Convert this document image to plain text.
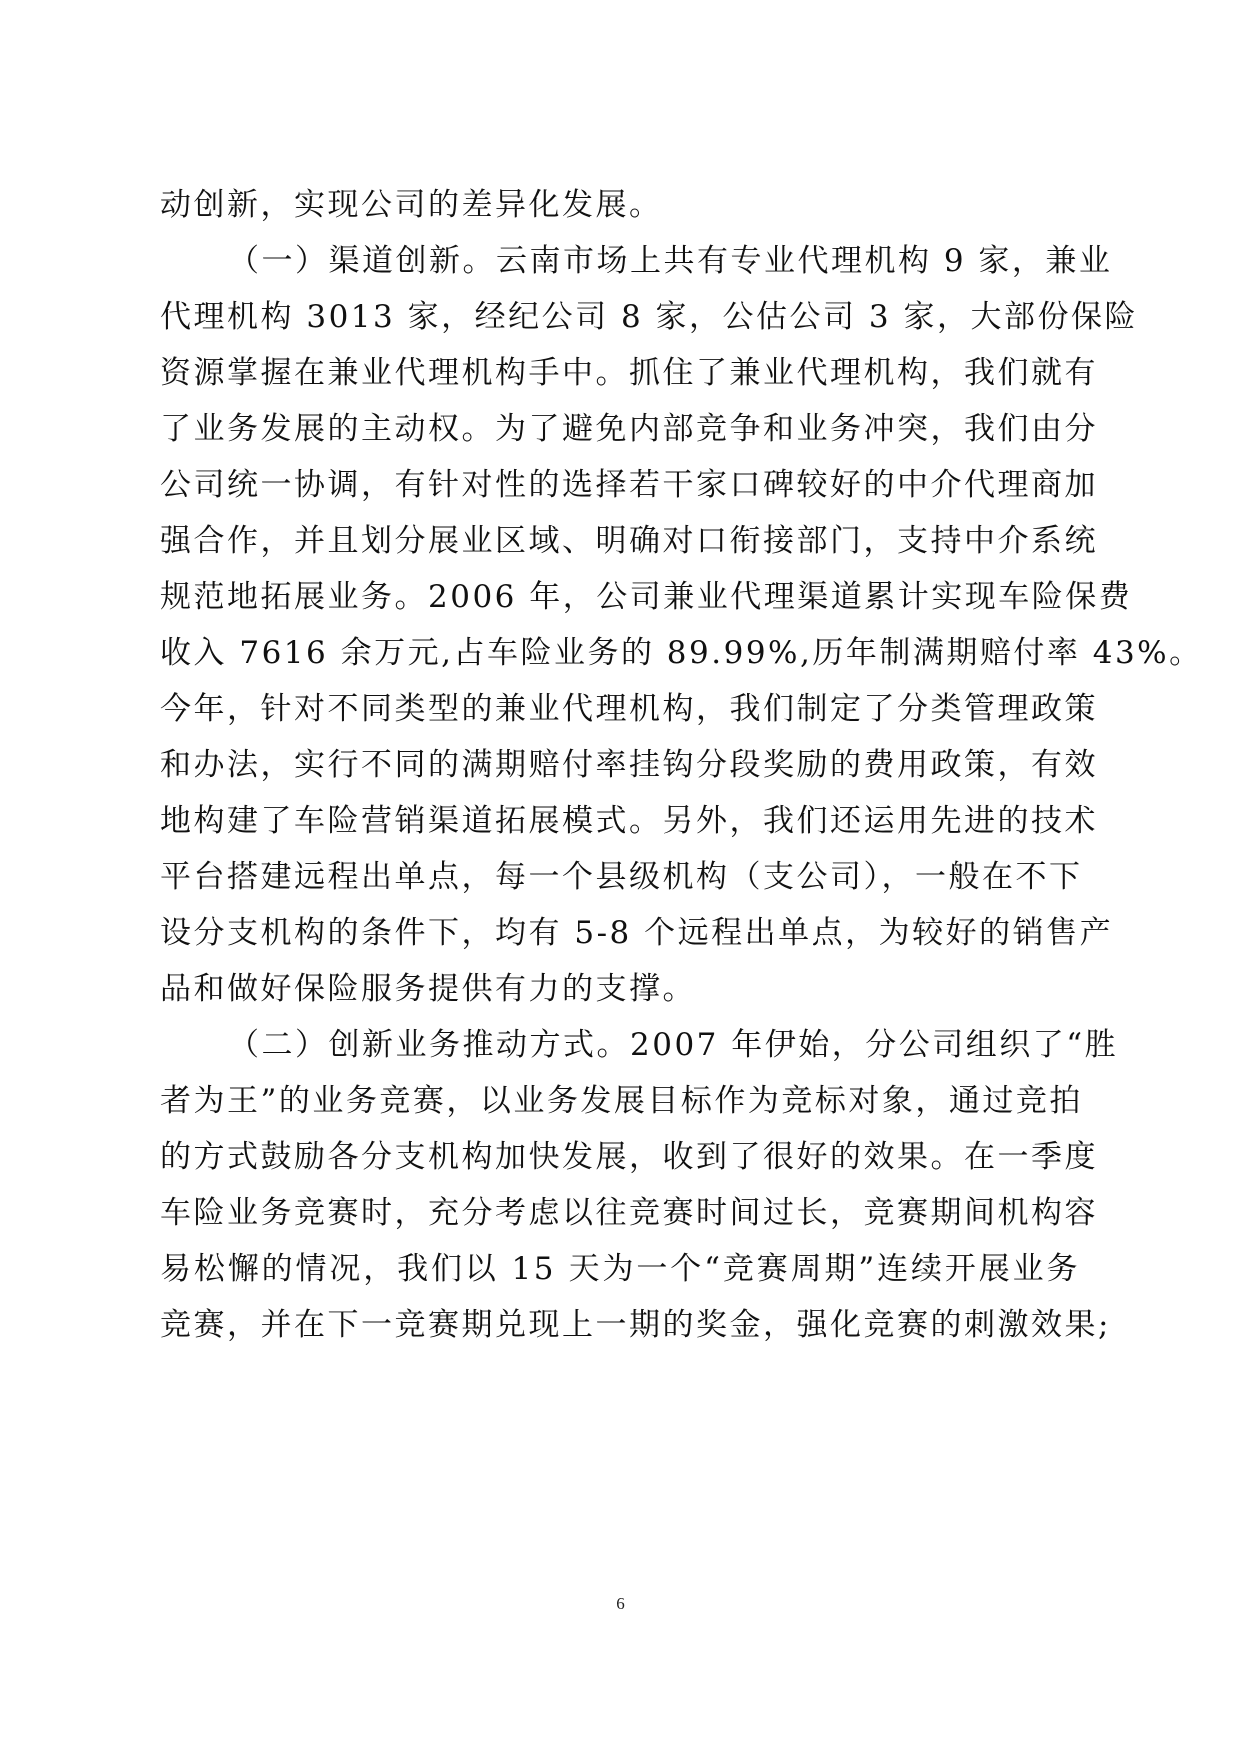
动创新，实现公司的差异化发展。
（一）渠道创新。云南市场上共有专业代理机构 9 家，兼业
代理机构 3013 家，经纪公司 8 家，公估公司 3 家，大部份保险
资源掌握在兼业代理机构手中。抓住了兼业代理机构，我们就有
了业务发展的主动权。为了避免内部竞争和业务冲突，我们由分
公司统一协调，有针对性的选择若干家口碑较好的中介代理商加
强合作，并且划分展业区域、明确对口衔接部门，支持中介系统
规范地拓展业务。2006 年，公司兼业代理渠道累计实现车险保费
收入 7616 余万元,占车险业务的 89.99%,历年制满期赔付率 43%。
今年，针对不同类型的兼业代理机构，我们制定了分类管理政策
和办法，实行不同的满期赔付率挂钩分段奖励的费用政策，有效
地构建了车险营销渠道拓展模式。另外，我们还运用先进的技术
平台搭建远程出单点，每一个县级机构（支公司），一般在不下
设分支机构的条件下，均有 5-8 个远程出单点，为较好的销售产
品和做好保险服务提供有力的支撑。
（二）创新业务推动方式。2007 年伊始，分公司组织了“胜
者为王”的业务竞赛，以业务发展目标作为竞标对象，通过竞拍
的方式鼓励各分支机构加快发展，收到了很好的效果。在一季度
车险业务竞赛时，充分考虑以往竞赛时间过长，竞赛期间机构容
易松懈的情况，我们以 15 天为一个“竞赛周期”连续开展业务
竞赛，并在下一竞赛期兑现上一期的奖金，强化竞赛的刺激效果;
6
